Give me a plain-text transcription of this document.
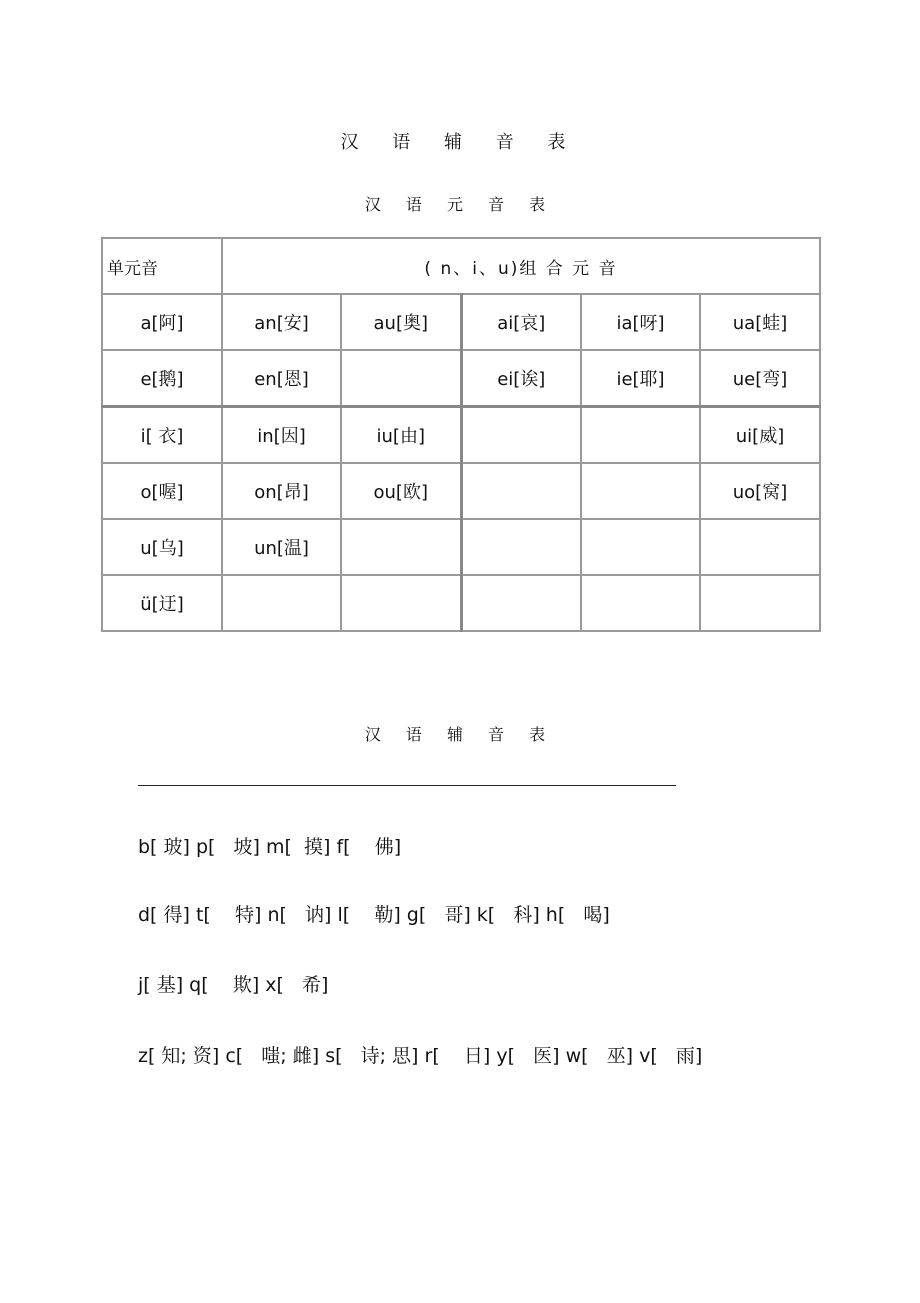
汉 语 辅 音 表
汉 语 元 音 表
单元音	( n、i、u)组 合 元 音				
a[阿]	an[安]	au[奥]	ai[哀]	ia[呀]	ua[蛙]
e[鹅]	en[恩]		ei[诶]	ie[耶]	ue[弯]
i[ 衣]	in[因]	iu[由]			ui[威]
o[喔]	on[昂]	ou[欧]			uo[窝]
u[乌]	un[温]				
ü[迂]					
汉 语 辅 音 表
b[ 玻] p[   坡] m[  摸] f[    佛]
d[ 得] t[    特] n[   讷] l[    勒] g[   哥] k[   科] h[   喝]
j[ 基] q[    欺] x[   希]
z[ 知; 资] c[   嗤; 雌] s[   诗; 思] r[    日] y[   医] w[   巫] v[   雨]
